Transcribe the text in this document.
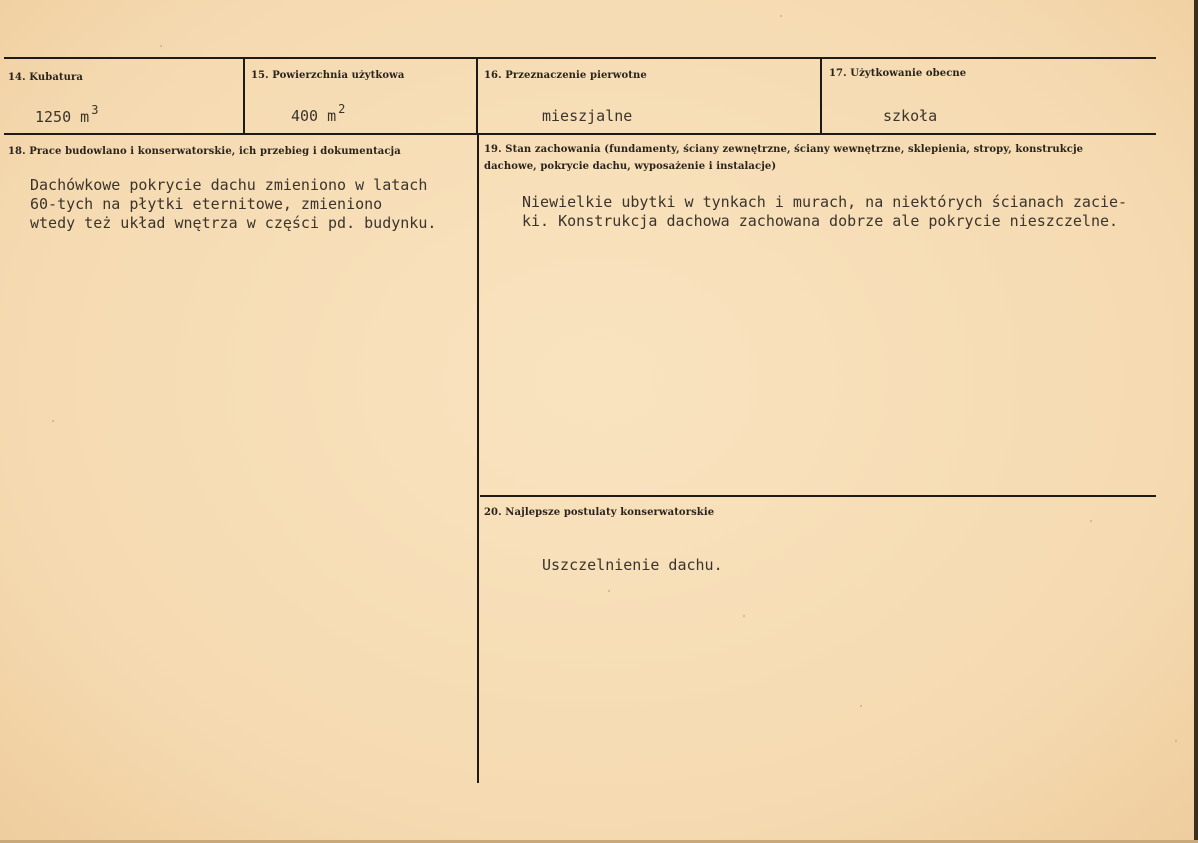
14. Kubatura
1250 m $^3$
15. Powierzchnia użytkowa
400 m $^2$
16. Przeznaczenie pierwotne
mieszjalne
17. Użytkowanie obecne
szkoła
18. Prace budowlano i konserwatorskie, ich przebieg i dokumentacja
Dachówkowe pokrycie dachu zmieniono w latach
60-tych na płytki eternitowe, zmieniono
wtedy też układ wnętrza w części pd. budynku.
19. Stan zachowania (fundamenty, ściany zewnętrzne, ściany wewnętrzne, sklepienia, stropy, konstrukcje dachowe, pokrycie dachu, wyposażenie i instalacje)
Niewielkie ubytki w tynkach i murach, na niektórych ścianach zacie-
ki. Konstrukcja dachowa zachowana dobrze ale pokrycie nieszczelne.
20. Najlepsze postulaty konserwatorskie
Uszczelnienie dachu.
